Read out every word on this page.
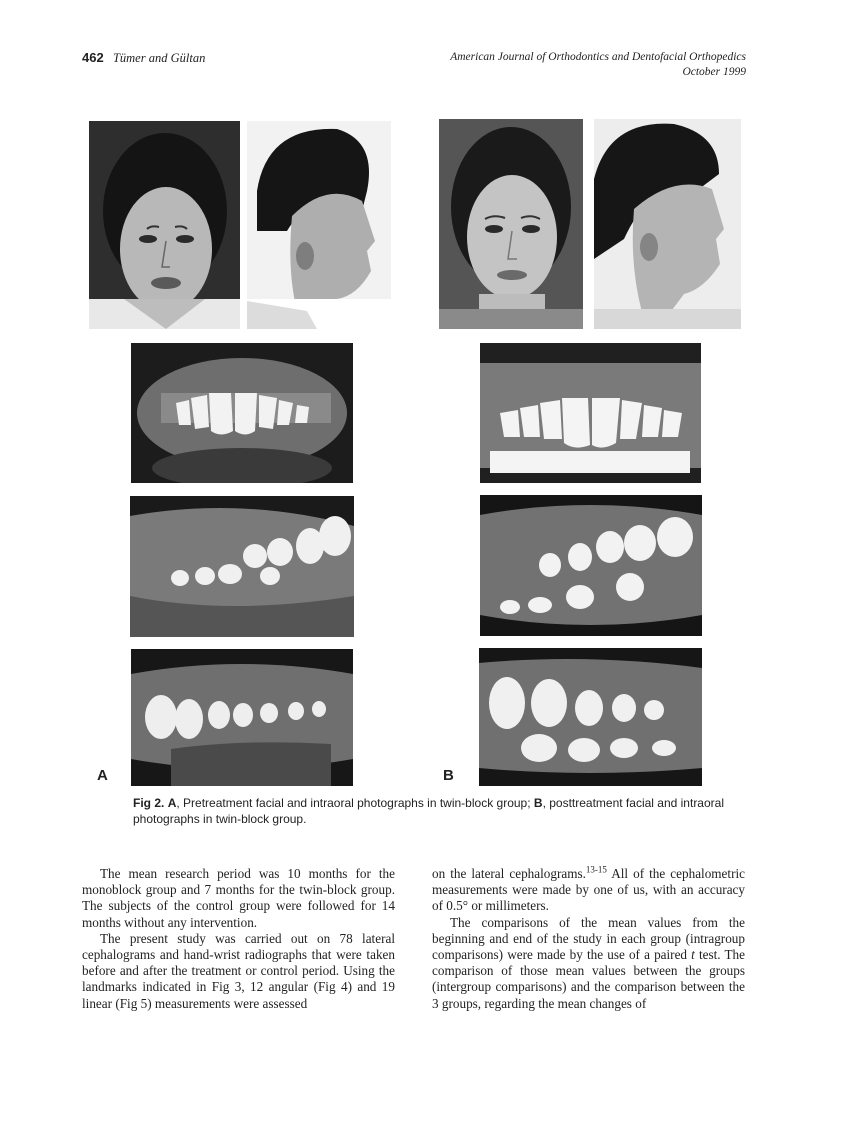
462 Tümer and Gültan	American Journal of Orthodontics and Dentofacial Orthopedics
October 1999
A	B
Fig 2. A, Pretreatment facial and intraoral photographs in twin-block group; B, posttreatment facial and intraoral photographs in twin-block group.

The mean research period was 10 months for the monoblock group and 7 months for the twin-block group. The subjects of the control group were followed for 14 months without any intervention.

The present study was carried out on 78 lateral cephalograms and hand-wrist radiographs that were taken before and after the treatment or control period. Using the landmarks indicated in Fig 3, 12 angular (Fig 4) and 19 linear (Fig 5) measurements were assessed

on the lateral cephalograms.$^{13-15}$ All of the cephalometric measurements were made by one of us, with an accuracy of 0.5° or millimeters.

The comparisons of the mean values from the beginning and end of the study in each group (intragroup comparisons) were made by the use of a paired t test. The comparison of those mean values between the groups (intergroup comparisons) and the comparison between the 3 groups, regarding the mean changes of
